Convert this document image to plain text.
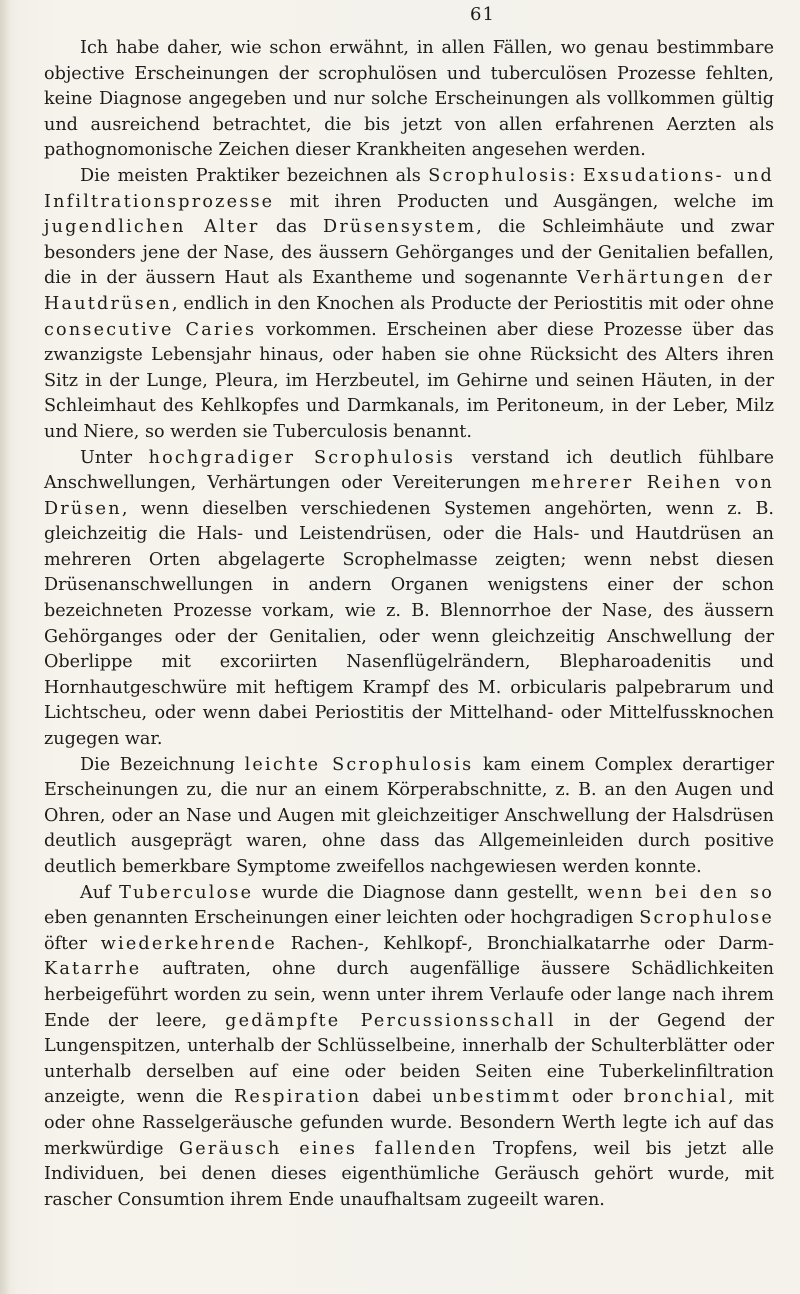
61

Ich habe daher, wie schon erwähnt, in allen Fällen, wo genau bestimmbare objective Erscheinungen der scrophulösen und tuberculösen Prozesse fehlten, keine Diagnose angegeben und nur solche Erscheinungen als vollkommen gültig und ausreichend betrachtet, die bis jetzt von allen erfahrenen Aerzten als pathognomonische Zeichen dieser Krankheiten angesehen werden.

Die meisten Praktiker bezeichnen als Scrophulosis: Exsudations- und Infiltrationsprozesse mit ihren Producten und Ausgängen, welche im jugendlichen Alter das Drüsensystem, die Schleimhäute und zwar besonders jene der Nase, des äussern Gehörganges und der Genitalien befallen, die in der äussern Haut als Exantheme und sogenannte Verhärtungen der Hautdrüsen, endlich in den Knochen als Producte der Periostitis mit oder ohne consecutive Caries vorkommen. Erscheinen aber diese Prozesse über das zwanzigste Lebensjahr hinaus, oder haben sie ohne Rücksicht des Alters ihren Sitz in der Lunge, Pleura, im Herzbeutel, im Gehirne und seinen Häuten, in der Schleimhaut des Kehlkopfes und Darmkanals, im Peritoneum, in der Leber, Milz und Niere, so werden sie Tuberculosis benannt.

Unter hochgradiger Scrophulosis verstand ich deutlich fühlbare Anschwellungen, Verhärtungen oder Vereiterungen mehrerer Reihen von Drüsen, wenn dieselben verschiedenen Systemen angehörten, wenn z. B. gleichzeitig die Hals- und Leistendrüsen, oder die Hals- und Hautdrüsen an mehreren Orten abgelagerte Scrophelmasse zeigten; wenn nebst diesen Drüsenanschwellungen in andern Organen wenigstens einer der schon bezeichneten Prozesse vorkam, wie z. B. Blennorrhoe der Nase, des äussern Gehörganges oder der Genitalien, oder wenn gleichzeitig Anschwellung der Oberlippe mit excoriirten Nasenflügelrändern, Blepharoadenitis und Hornhautgeschwüre mit heftigem Krampf des M. orbicularis palpebrarum und Lichtscheu, oder wenn dabei Periostitis der Mittelhand- oder Mittelfussknochen zugegen war.

Die Bezeichnung leichte Scrophulosis kam einem Complex derartiger Erscheinungen zu, die nur an einem Körperabschnitte, z. B. an den Augen und Ohren, oder an Nase und Augen mit gleichzeitiger Anschwellung der Halsdrüsen deutlich ausgeprägt waren, ohne dass das Allgemeinleiden durch positive deutlich bemerkbare Symptome zweifellos nachgewiesen werden konnte.

Auf Tuberculose wurde die Diagnose dann gestellt, wenn bei den so eben genannten Erscheinungen einer leichten oder hochgradigen Scrophulose öfter wiederkehrende Rachen-, Kehlkopf-, Bronchialkatarrhe oder Darm-Katarrhe auftraten, ohne durch augenfällige äussere Schädlichkeiten herbeigeführt worden zu sein, wenn unter ihrem Verlaufe oder lange nach ihrem Ende der leere, gedämpfte Percussionsschall in der Gegend der Lungenspitzen, unterhalb der Schlüsselbeine, innerhalb der Schulterblätter oder unterhalb derselben auf eine oder beiden Seiten eine Tuberkelinfiltration anzeigte, wenn die Respiration dabei unbestimmt oder bronchial, mit oder ohne Rasselgeräusche gefunden wurde. Besondern Werth legte ich auf das merkwürdige Geräusch eines fallenden Tropfens, weil bis jetzt alle Individuen, bei denen dieses eigenthümliche Geräusch gehört wurde, mit rascher Consumtion ihrem Ende unaufhaltsam zugeeilt waren.
